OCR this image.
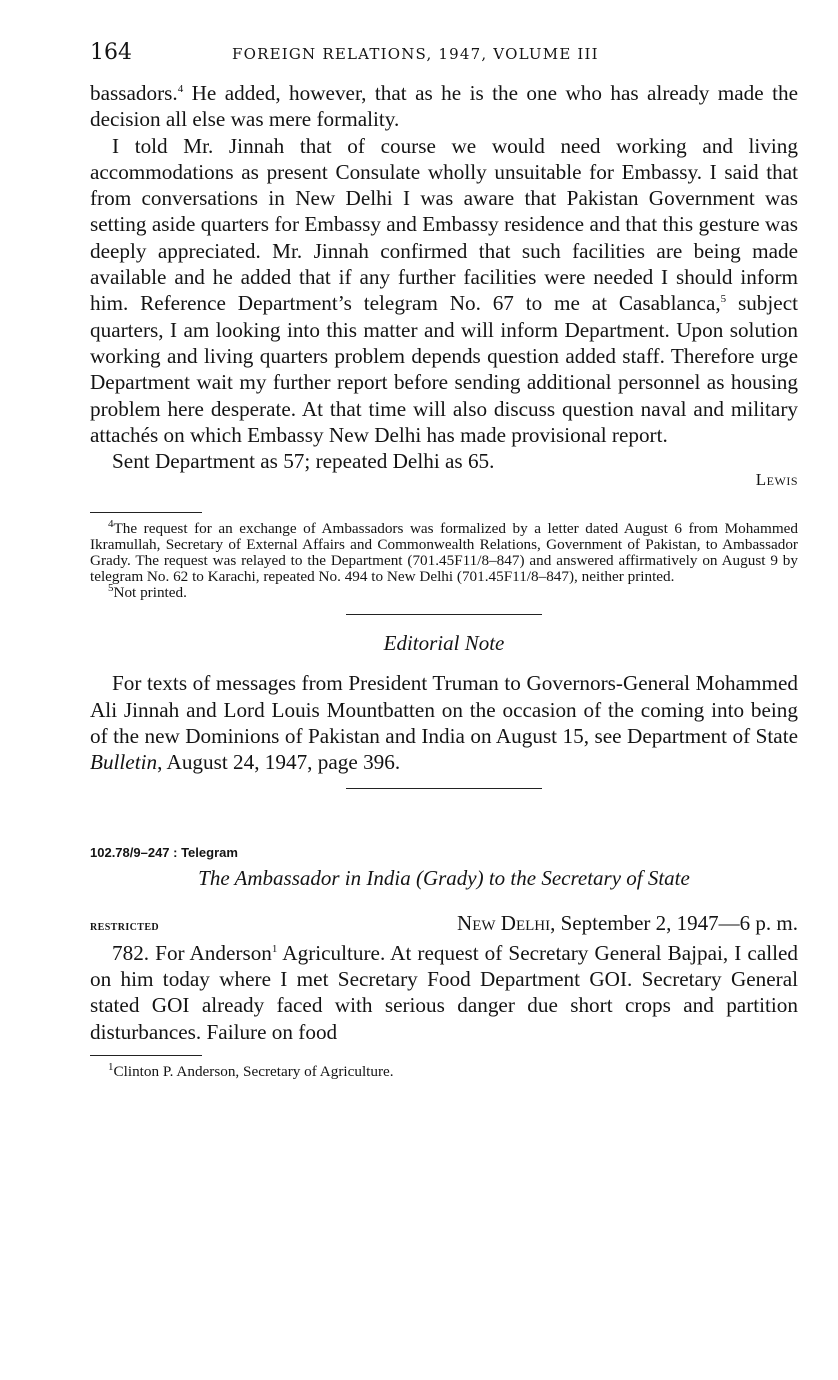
164	FOREIGN RELATIONS, 1947, VOLUME III

bassadors.$^4$ He added, however, that as he is the one who has already made the decision all else was mere formality.

I told Mr. Jinnah that of course we would need working and living accommodations as present Consulate wholly unsuitable for Embassy. I said that from conversations in New Delhi I was aware that Pakistan Government was setting aside quarters for Embassy and Embassy residence and that this gesture was deeply appreciated. Mr. Jinnah confirmed that such facilities are being made available and he added that if any further facilities were needed I should inform him. Reference Department’s telegram No. 67 to me at Casablanca,$^5$ subject quarters, I am looking into this matter and will inform Department. Upon solution working and living quarters problem depends question added staff. Therefore urge Department wait my further report before sending additional personnel as housing problem here desperate. At that time will also discuss question naval and military attachés on which Embassy New Delhi has made provisional report.

Sent Department as 57; repeated Delhi as 65.

Lewis

$^4$The request for an exchange of Ambassadors was formalized by a letter dated August 6 from Mohammed Ikramullah, Secretary of External Affairs and Commonwealth Relations, Government of Pakistan, to Ambassador Grady. The request was relayed to the Department (701.45F11/8–847) and answered affirmatively on August 9 by telegram No. 62 to Karachi, repeated No. 494 to New Delhi (701.45F11/8–847), neither printed.

$^5$Not printed.

Editorial Note

For texts of messages from President Truman to Governors-General Mohammed Ali Jinnah and Lord Louis Mountbatten on the occasion of the coming into being of the new Dominions of Pakistan and India on August 15, see Department of State Bulletin, August 24, 1947, page 396.

102.78/9–247 : Telegram
The Ambassador in India (Grady) to the Secretary of State
restricted	New Delhi, September 2, 1947—6 p. m.

782. For Anderson$^1$ Agriculture. At request of Secretary General Bajpai, I called on him today where I met Secretary Food Department GOI. Secretary General stated GOI already faced with serious danger due short crops and partition disturbances. Failure on food

$^1$Clinton P. Anderson, Secretary of Agriculture.
